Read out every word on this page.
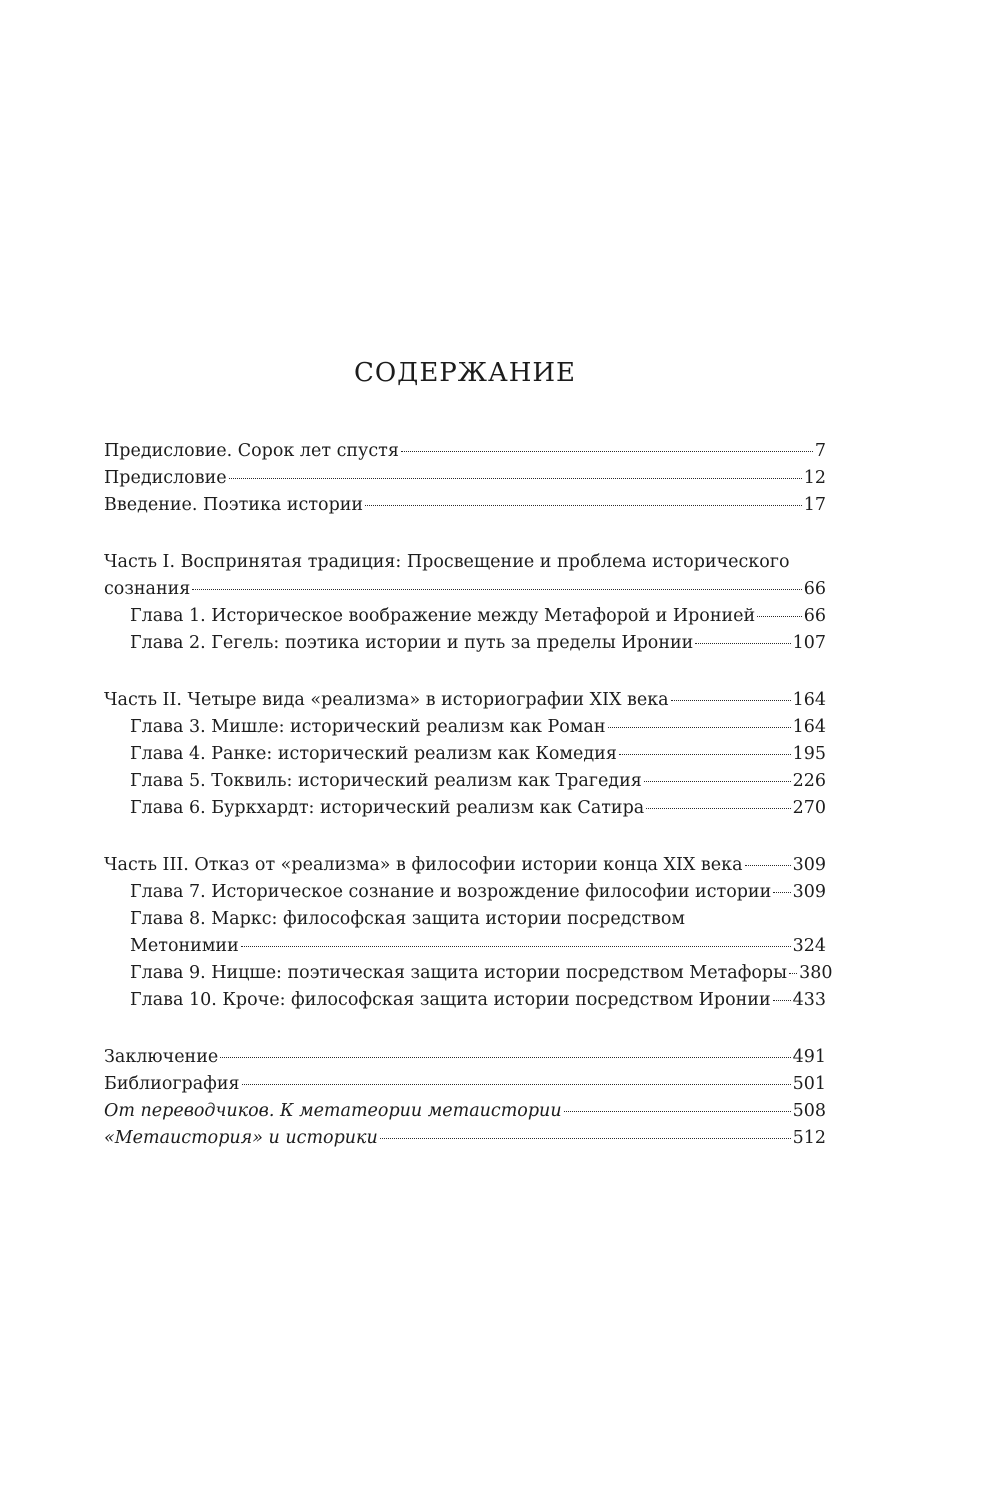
СОДЕРЖАНИЕ
Предисловие. Сорок лет спустя	7
Предисловие	12
Введение. Поэтика истории	17
Часть I. Воспринятая традиция: Просвещение и проблема исторического
сознания	66
Глава 1. Историческое воображение между Метафорой и Иронией	66
Глава 2. Гегель: поэтика истории и путь за пределы Иронии	107
Часть II. Четыре вида «реализма» в историографии XIX века	164
Глава 3. Мишле: исторический реализм как Роман	164
Глава 4. Ранке: исторический реализм как Комедия	195
Глава 5. Токвиль: исторический реализм как Трагедия	226
Глава 6. Буркхардт: исторический реализм как Сатира	270
Часть III. Отказ от «реализма» в философии истории конца XIX века	309
Глава 7. Историческое сознание и возрождение философии истории 309
Глава 8. Маркс: философская защита истории посредством
Метонимии	324
Глава 9. Ницше: поэтическая защита истории посредством Метафоры 380
Глава 10. Кроче: философская защита истории посредством Иронии 433
Заключение	491
Библиография	501
От переводчиков. К метатеории метаистории	508
«Метаистория» и историки	512
